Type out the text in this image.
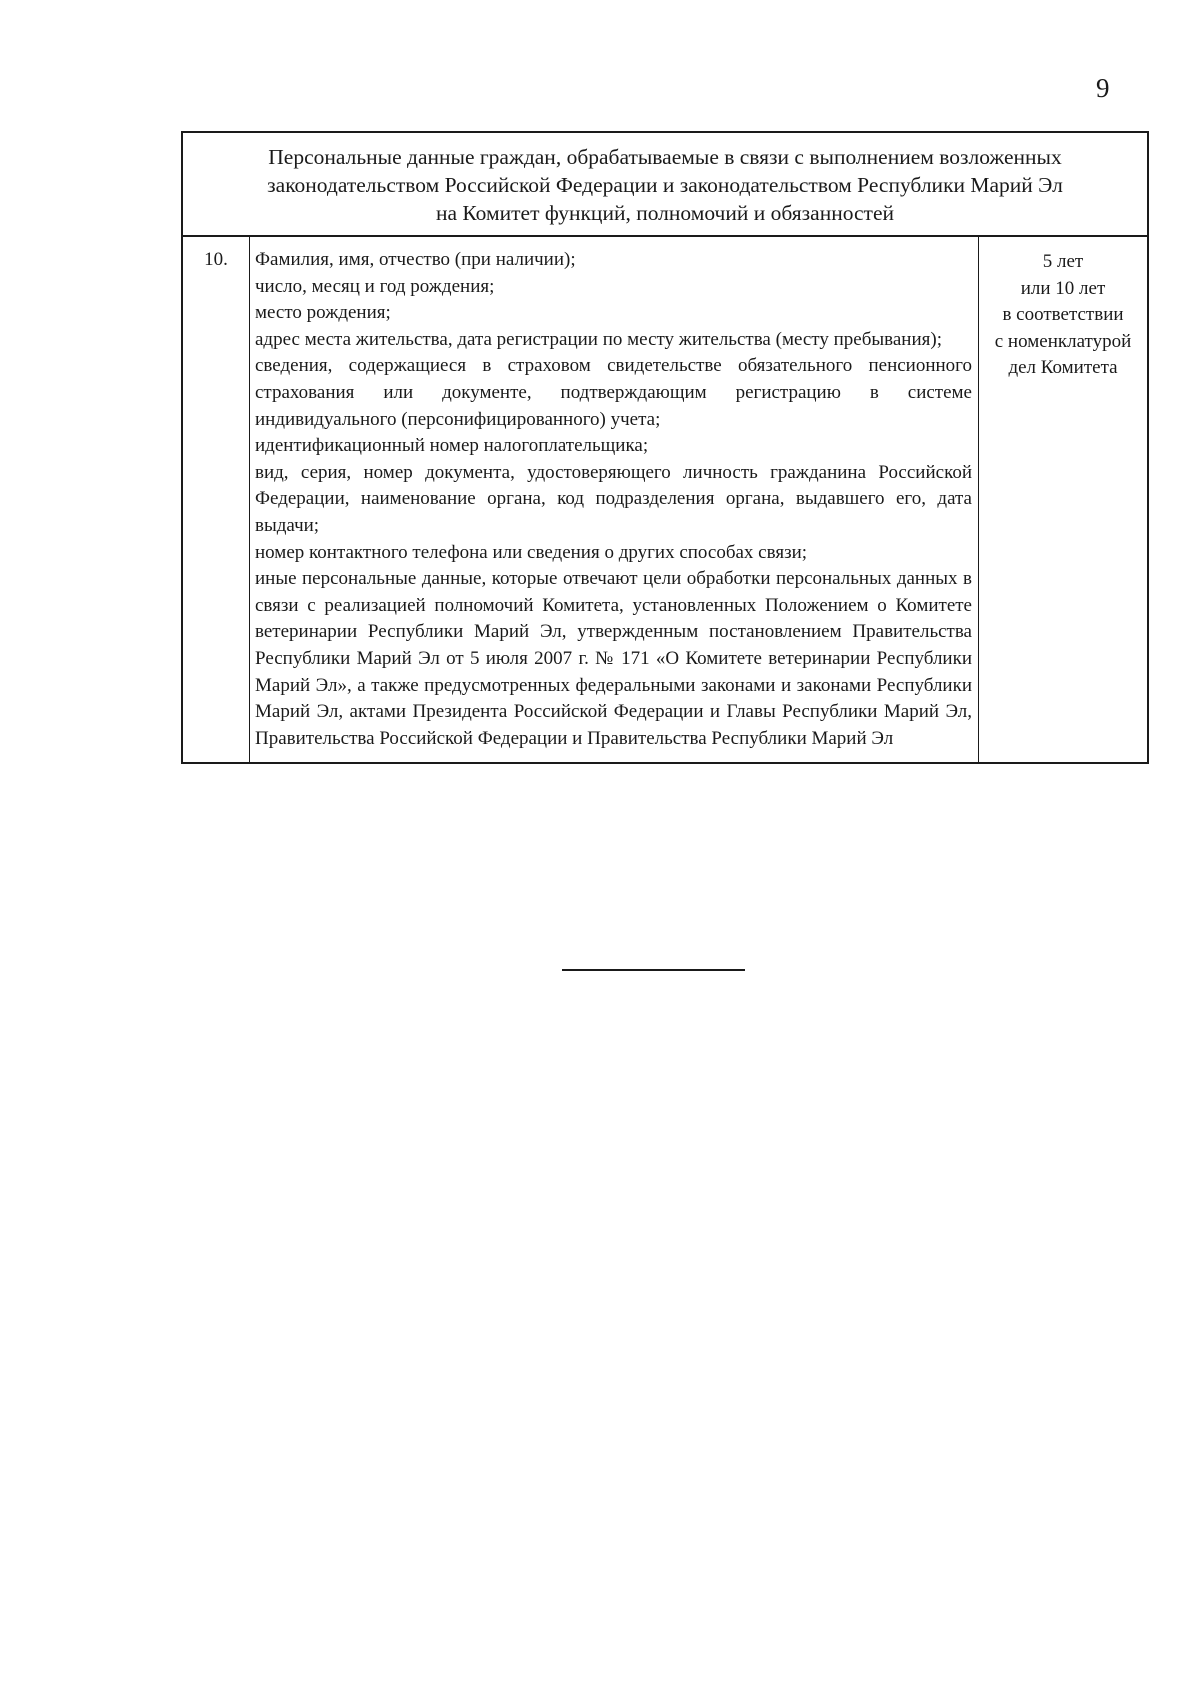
9
Персональные данные граждан, обрабатываемые в связи с выполнением возложенных
законодательством Российской Федерации и законодательством Республики Марий Эл
на Комитет функций, полномочий и обязанностей
10.	Фамилия, имя, отчество (при наличии);
число, месяц и год рождения;
место рождения;
адрес места жительства, дата регистрации по месту жительства (месту пребывания);
сведения, содержащиеся в страховом свидетельстве обязательного пенсионного страхования или документе, подтверждающим регистрацию в системе индивидуального (персонифицированного) учета;
идентификационный номер налогоплательщика;
вид, серия, номер документа, удостоверяющего личность гражданина Российской Федерации, наименование органа, код подразделения органа, выдавшего его, дата выдачи;
номер контактного телефона или сведения о других способах связи;
иные персональные данные, которые отвечают цели обработки персональных данных в связи с реализацией полномочий Комитета, установленных Положением о Комитете ветеринарии Республики Марий Эл, утвержденным постановлением Правительства Республики Марий Эл от 5 июля 2007 г. № 171 «О Комитете ветеринарии Республики Марий Эл», а также предусмотренных федеральными законами и законами Республики Марий Эл, актами Президента Российской Федерации и Главы Республики Марий Эл, Правительства Российской Федерации и Правительства Республики Марий Эл
5 лет
или 10 лет
в соответствии
с номенклатурой
дел Комитета
